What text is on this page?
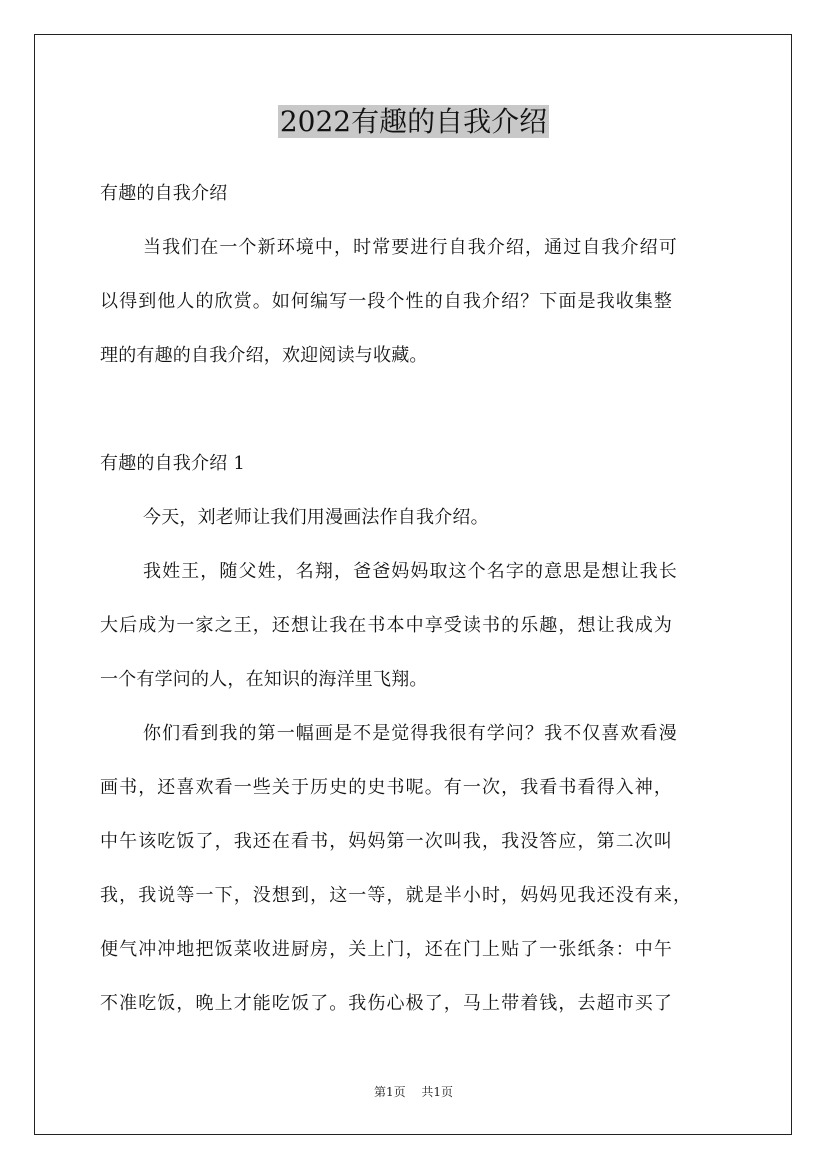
2022有趣的自我介绍
有趣的自我介绍
当我们在一个新环境中，时常要进行自我介绍，通过自我介绍可
以得到他人的欣赏。如何编写一段个性的自我介绍？下面是我收集整
理的有趣的自我介绍，欢迎阅读与收藏。
有趣的自我介绍 1
今天，刘老师让我们用漫画法作自我介绍。
我姓王，随父姓，名翔，爸爸妈妈取这个名字的意思是想让我长
大后成为一家之王，还想让我在书本中享受读书的乐趣，想让我成为
一个有学问的人，在知识的海洋里飞翔。
你们看到我的第一幅画是不是觉得我很有学问？我不仅喜欢看漫
画书，还喜欢看一些关于历史的史书呢。有一次，我看书看得入神，
中午该吃饭了，我还在看书，妈妈第一次叫我，我没答应，第二次叫
我，我说等一下，没想到，这一等，就是半小时，妈妈见我还没有来，
便气冲冲地把饭菜收进厨房，关上门，还在门上贴了一张纸条：中午
不准吃饭，晚上才能吃饭了。我伤心极了，马上带着钱，去超市买了
第1页 共1页
